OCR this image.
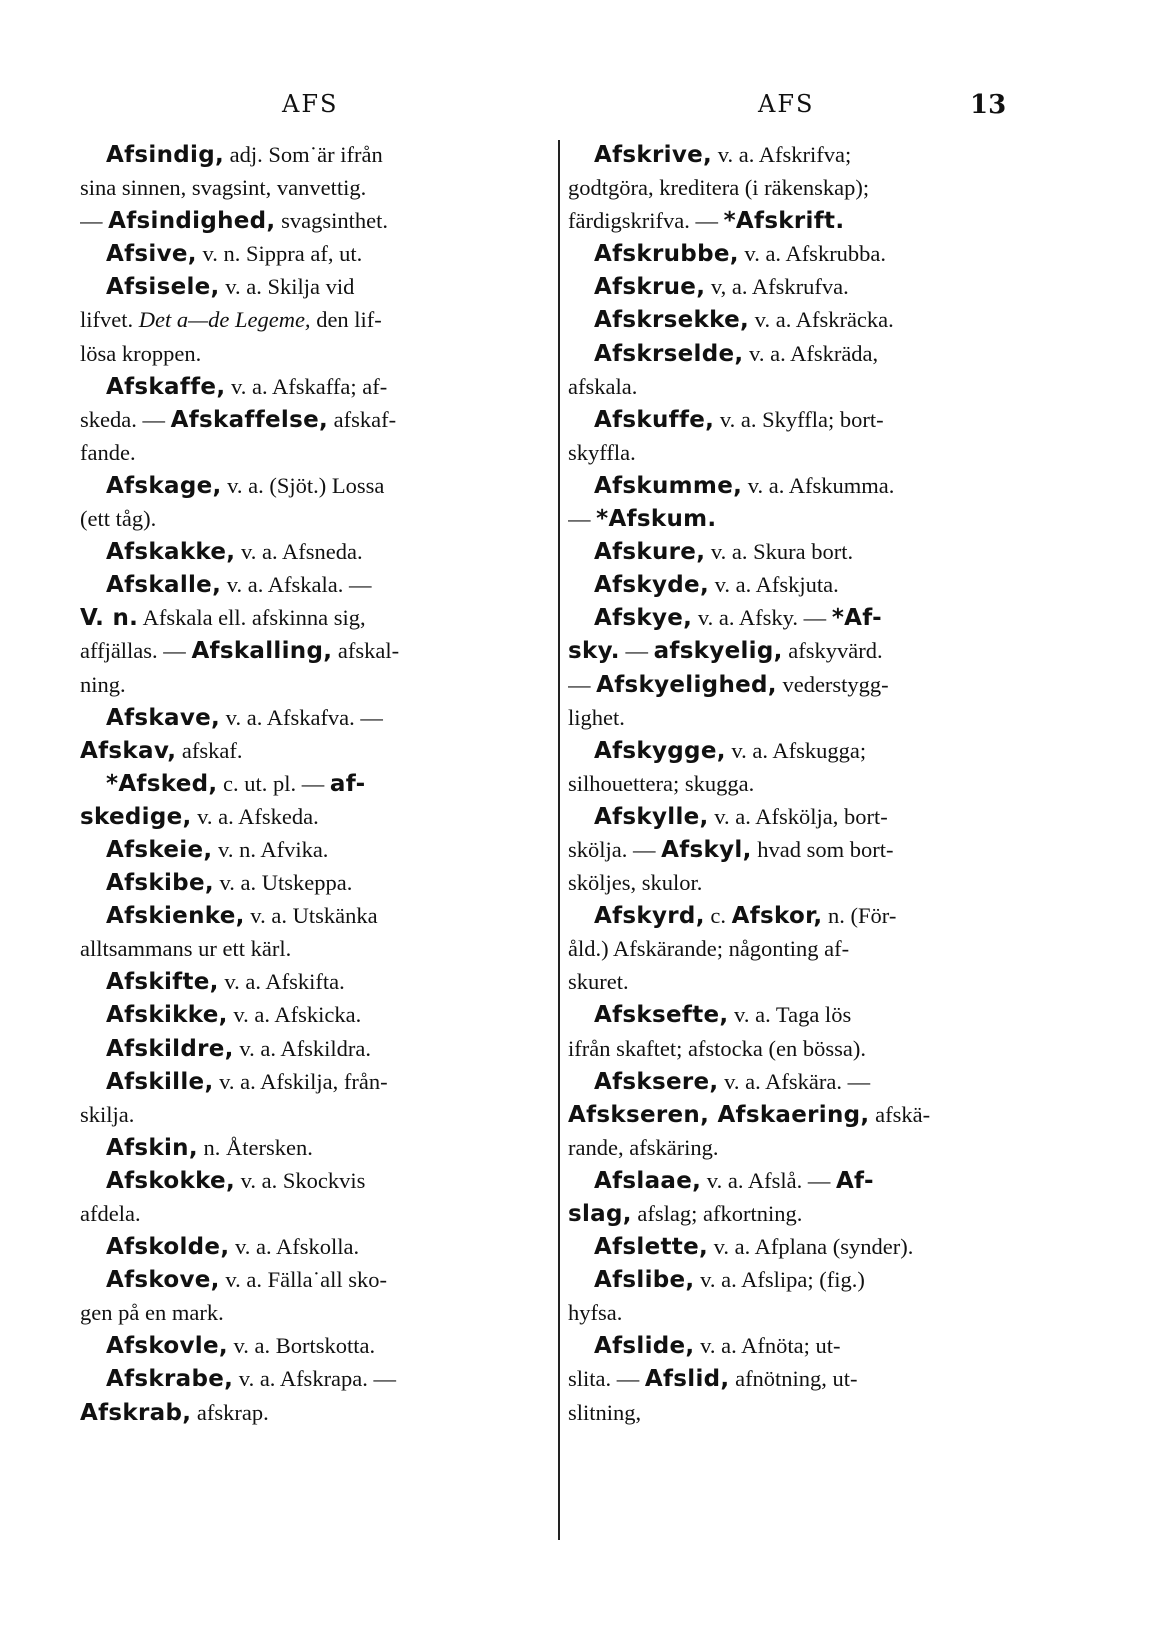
AFS	AFS	13
Afsindig, adj. Som˙är ifrån
sina sinnen, svagsint, vanvettig.
— Afsindighed, svagsinthet.
Afsive, v. n. Sippra af, ut.
Afsisele, v. a. Skilja vid
lifvet. Det a—de Legeme, den lif-
lösa kroppen.
Afskaffe, v. a. Afskaffa; af-
skeda. — Afskaffelse, afskaf-
fande.
Afskage, v. a. (Sjöt.) Lossa
(ett tåg).
Afskakke, v. a. Afsneda.
Afskalle, v. a. Afskala. —
V. n. Afskala ell. afskinna sig,
affjällas. — Afskalling, afskal-
ning.
Afskave, v. a. Afskafva. —
Afskav, afskaf.
*Afsked, c. ut. pl. — af-
skedige, v. a. Afskeda.
Afskeie, v. n. Afvika.
Afskibe, v. a. Utskeppa.
Afskienke, v. a. Utskänka
alltsammans ur ett kärl.
Afskifte, v. a. Afskifta.
Afskikke, v. a. Afskicka.
Afskildre, v. a. Afskildra.
Afskille, v. a. Afskilja, från-
skilja.
Afskin, n. Återsken.
Afskokke, v. a. Skockvis
afdela.
Afskolde, v. a. Afskolla.
Afskove, v. a. Fälla˙all sko-
gen på en mark.
Afskovle, v. a. Bortskotta.
Afskrabe, v. a. Afskrapa. —
Afskrab, afskrap.
Afskrive, v. a. Afskrifva;
godtgöra, kreditera (i räkenskap);
färdigskrifva. — *Afskrift.
Afskrubbe, v. a. Afskrubba.
Afskrue, v, a. Afskrufva.
Afskrsekke, v. a. Afskräcka.
Afskrselde, v. a. Afskräda,
afskala.
Afskuffe, v. a. Skyffla; bort-
skyffla.
Afskumme, v. a. Afskumma.
— *Afskum.
Afskure, v. a. Skura bort.
Afskyde, v. a. Afskjuta.
Afskye, v. a. Afsky. — *Af-
sky. — afskyelig, afskyvärd.
— Afskyelighed, vederstygg-
lighet.
Afskygge, v. a. Afskugga;
silhouettera; skugga.
Afskylle, v. a. Afskölja, bort-
skölja. — Afskyl, hvad som bort-
sköljes, skulor.
Afskyrd, c. Afskor, n. (För-
åld.) Afskärande; någonting af-
skuret.
Afsksefte, v. a. Taga lös
ifrån skaftet; afstocka (en bössa).
Afsksere, v. a. Afskära. —
Afskseren, Afskaering, afskä-
rande, afskäring.
Afslaae, v. a. Afslå. — Af-
slag, afslag; afkortning.
Afslette, v. a. Afplana (synder).
Afslibe, v. a. Afslipa; (fig.)
hyfsa.
Afslide, v. a. Afnöta; ut-
slita. — Afslid, afnötning, ut-
slitning,
